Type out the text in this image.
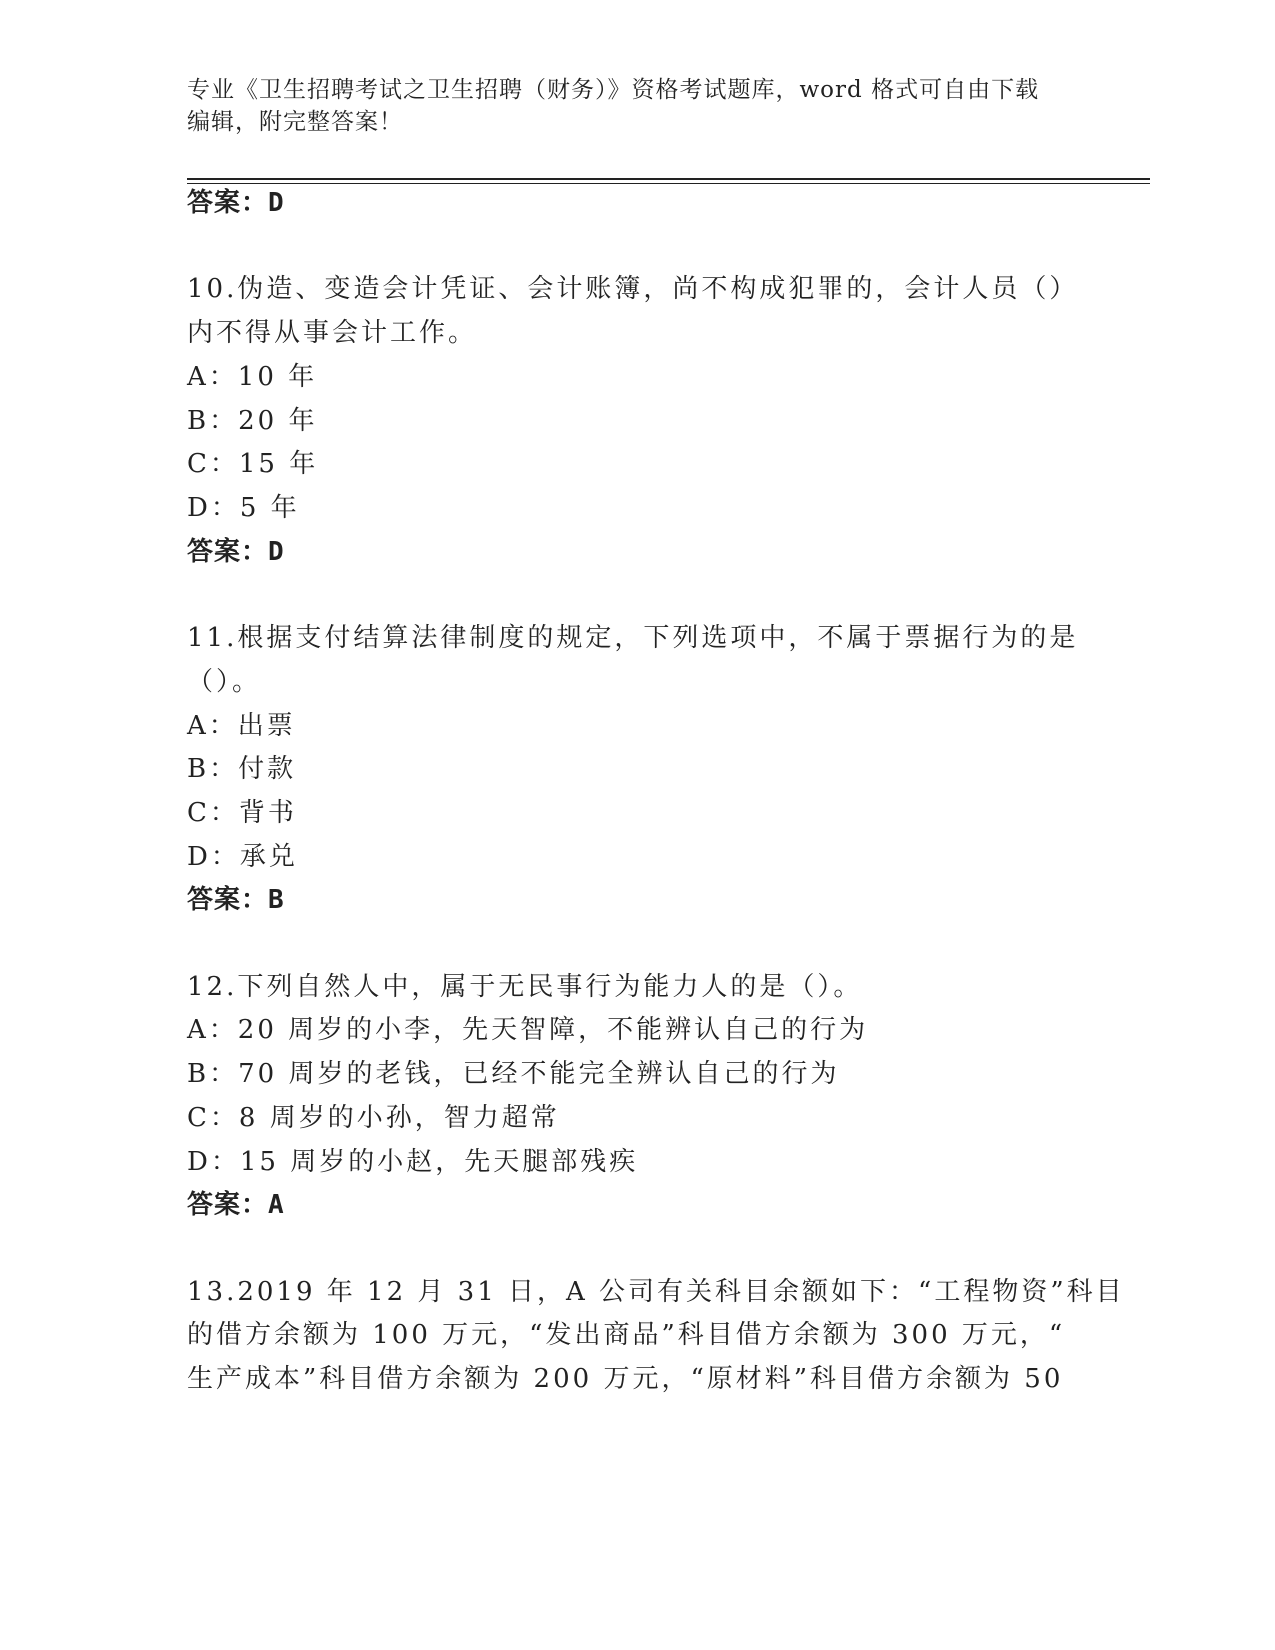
专业《卫生招聘考试之卫生招聘（财务）》资格考试题库，word 格式可自由下载
编辑，附完整答案！
答案：D
10.伪造、变造会计凭证、会计账簿，尚不构成犯罪的，会计人员（）
内不得从事会计工作。
A：10 年
B：20 年
C：15 年
D：5 年
答案：D
11.根据支付结算法律制度的规定，下列选项中，不属于票据行为的是
（）。
A：出票
B：付款
C：背书
D：承兑
答案：B
12.下列自然人中，属于无民事行为能力人的是（）。
A：20 周岁的小李，先天智障，不能辨认自己的行为
B：70 周岁的老钱，已经不能完全辨认自己的行为
C：8 周岁的小孙，智力超常
D：15 周岁的小赵，先天腿部残疾
答案：A
13.2019 年 12 月 31 日，A 公司有关科目余额如下：“工程物资”科目
的借方余额为 100 万元，“发出商品”科目借方余额为 300 万元，“
生产成本”科目借方余额为 200 万元，“原材料”科目借方余额为 50
